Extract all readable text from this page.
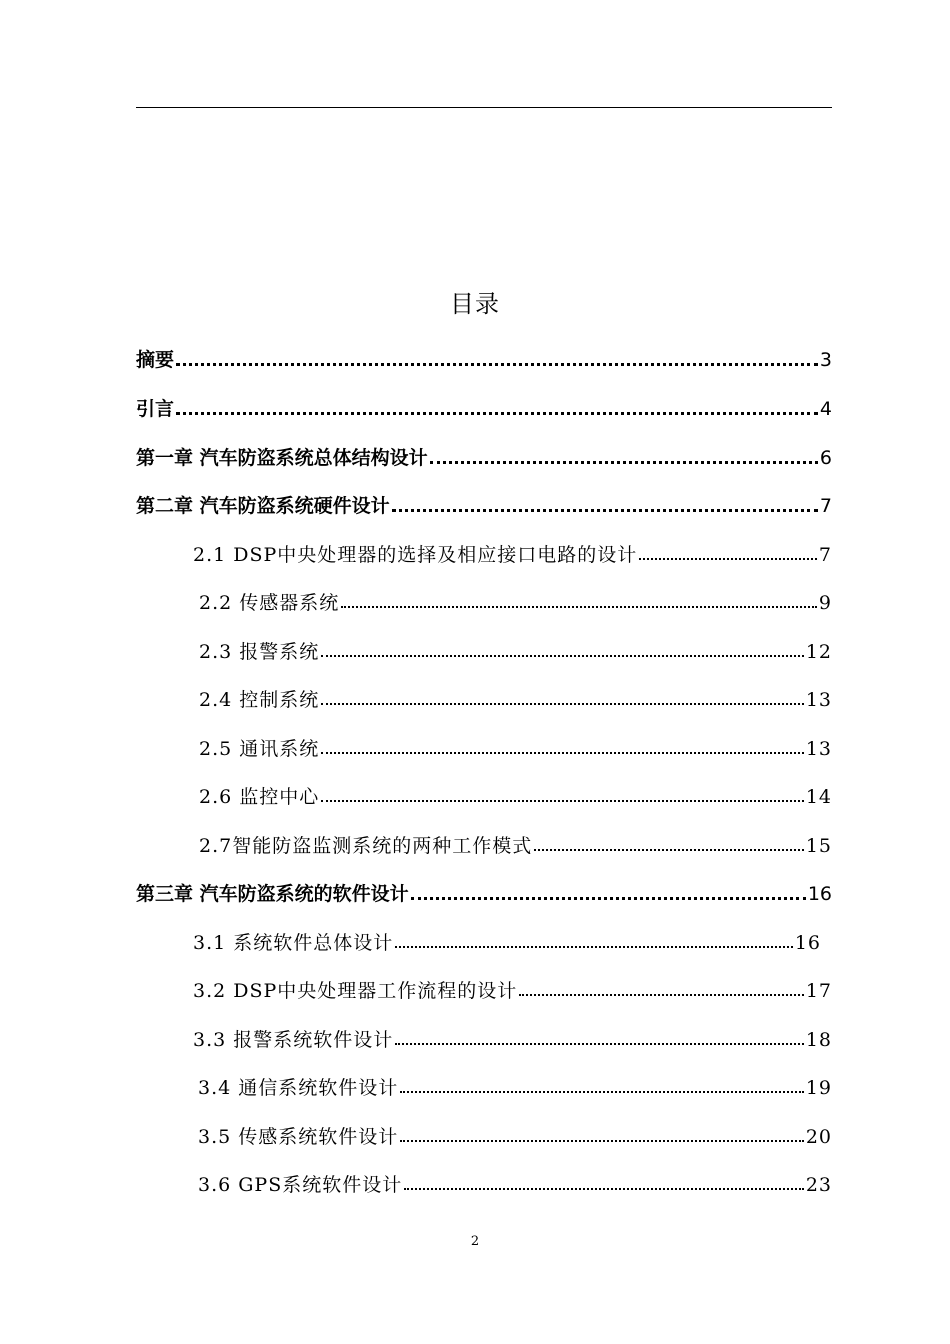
目录
摘要	3
引言	4
第一章 汽车防盗系统总体结构设计	6
第二章 汽车防盗系统硬件设计	7
2.1 DSP中央处理器的选择及相应接口电路的设计	7
2.2 传感器系统	9
2.3 报警系统	12
2.4 控制系统	13
2.5 通讯系统	13
2.6 监控中心	14
2.7智能防盗监测系统的两种工作模式	15
第三章 汽车防盗系统的软件设计	16
3.1 系统软件总体设计	16
3.2 DSP中央处理器工作流程的设计	17
3.3 报警系统软件设计	18
3.4 通信系统软件设计	19
3.5 传感系统软件设计	20
3.6 GPS系统软件设计	23
2
